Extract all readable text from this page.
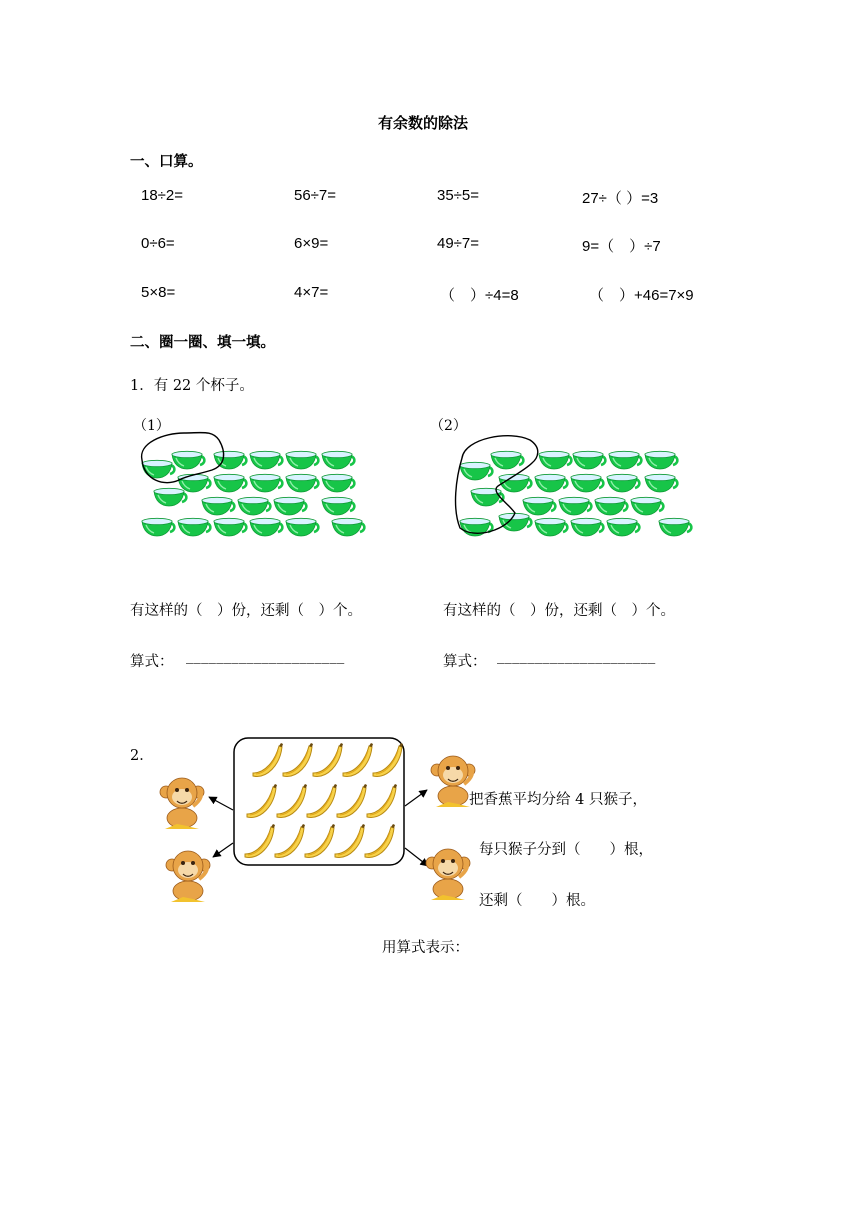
有余数的除法
一、口算。
18÷2=	56÷7=	35÷5=	27÷（ ）=3
0÷6=	6×9=	49÷7=	9=（　）÷7
5×8=	4×7=	（　）÷4=8	（　）+46=7×9
二、圈一圈、填一填。
1．有 22 个杯子。
（1）	（2）
有这样的（　）份，还剩（　）个。	有这样的（　）份，还剩（　）个。
算式： _____________________	算式： _____________________
2．
把香蕉平均分给 4 只猴子，
每只猴子分到（　　）根，
还剩（　　）根。
用算式表示：
